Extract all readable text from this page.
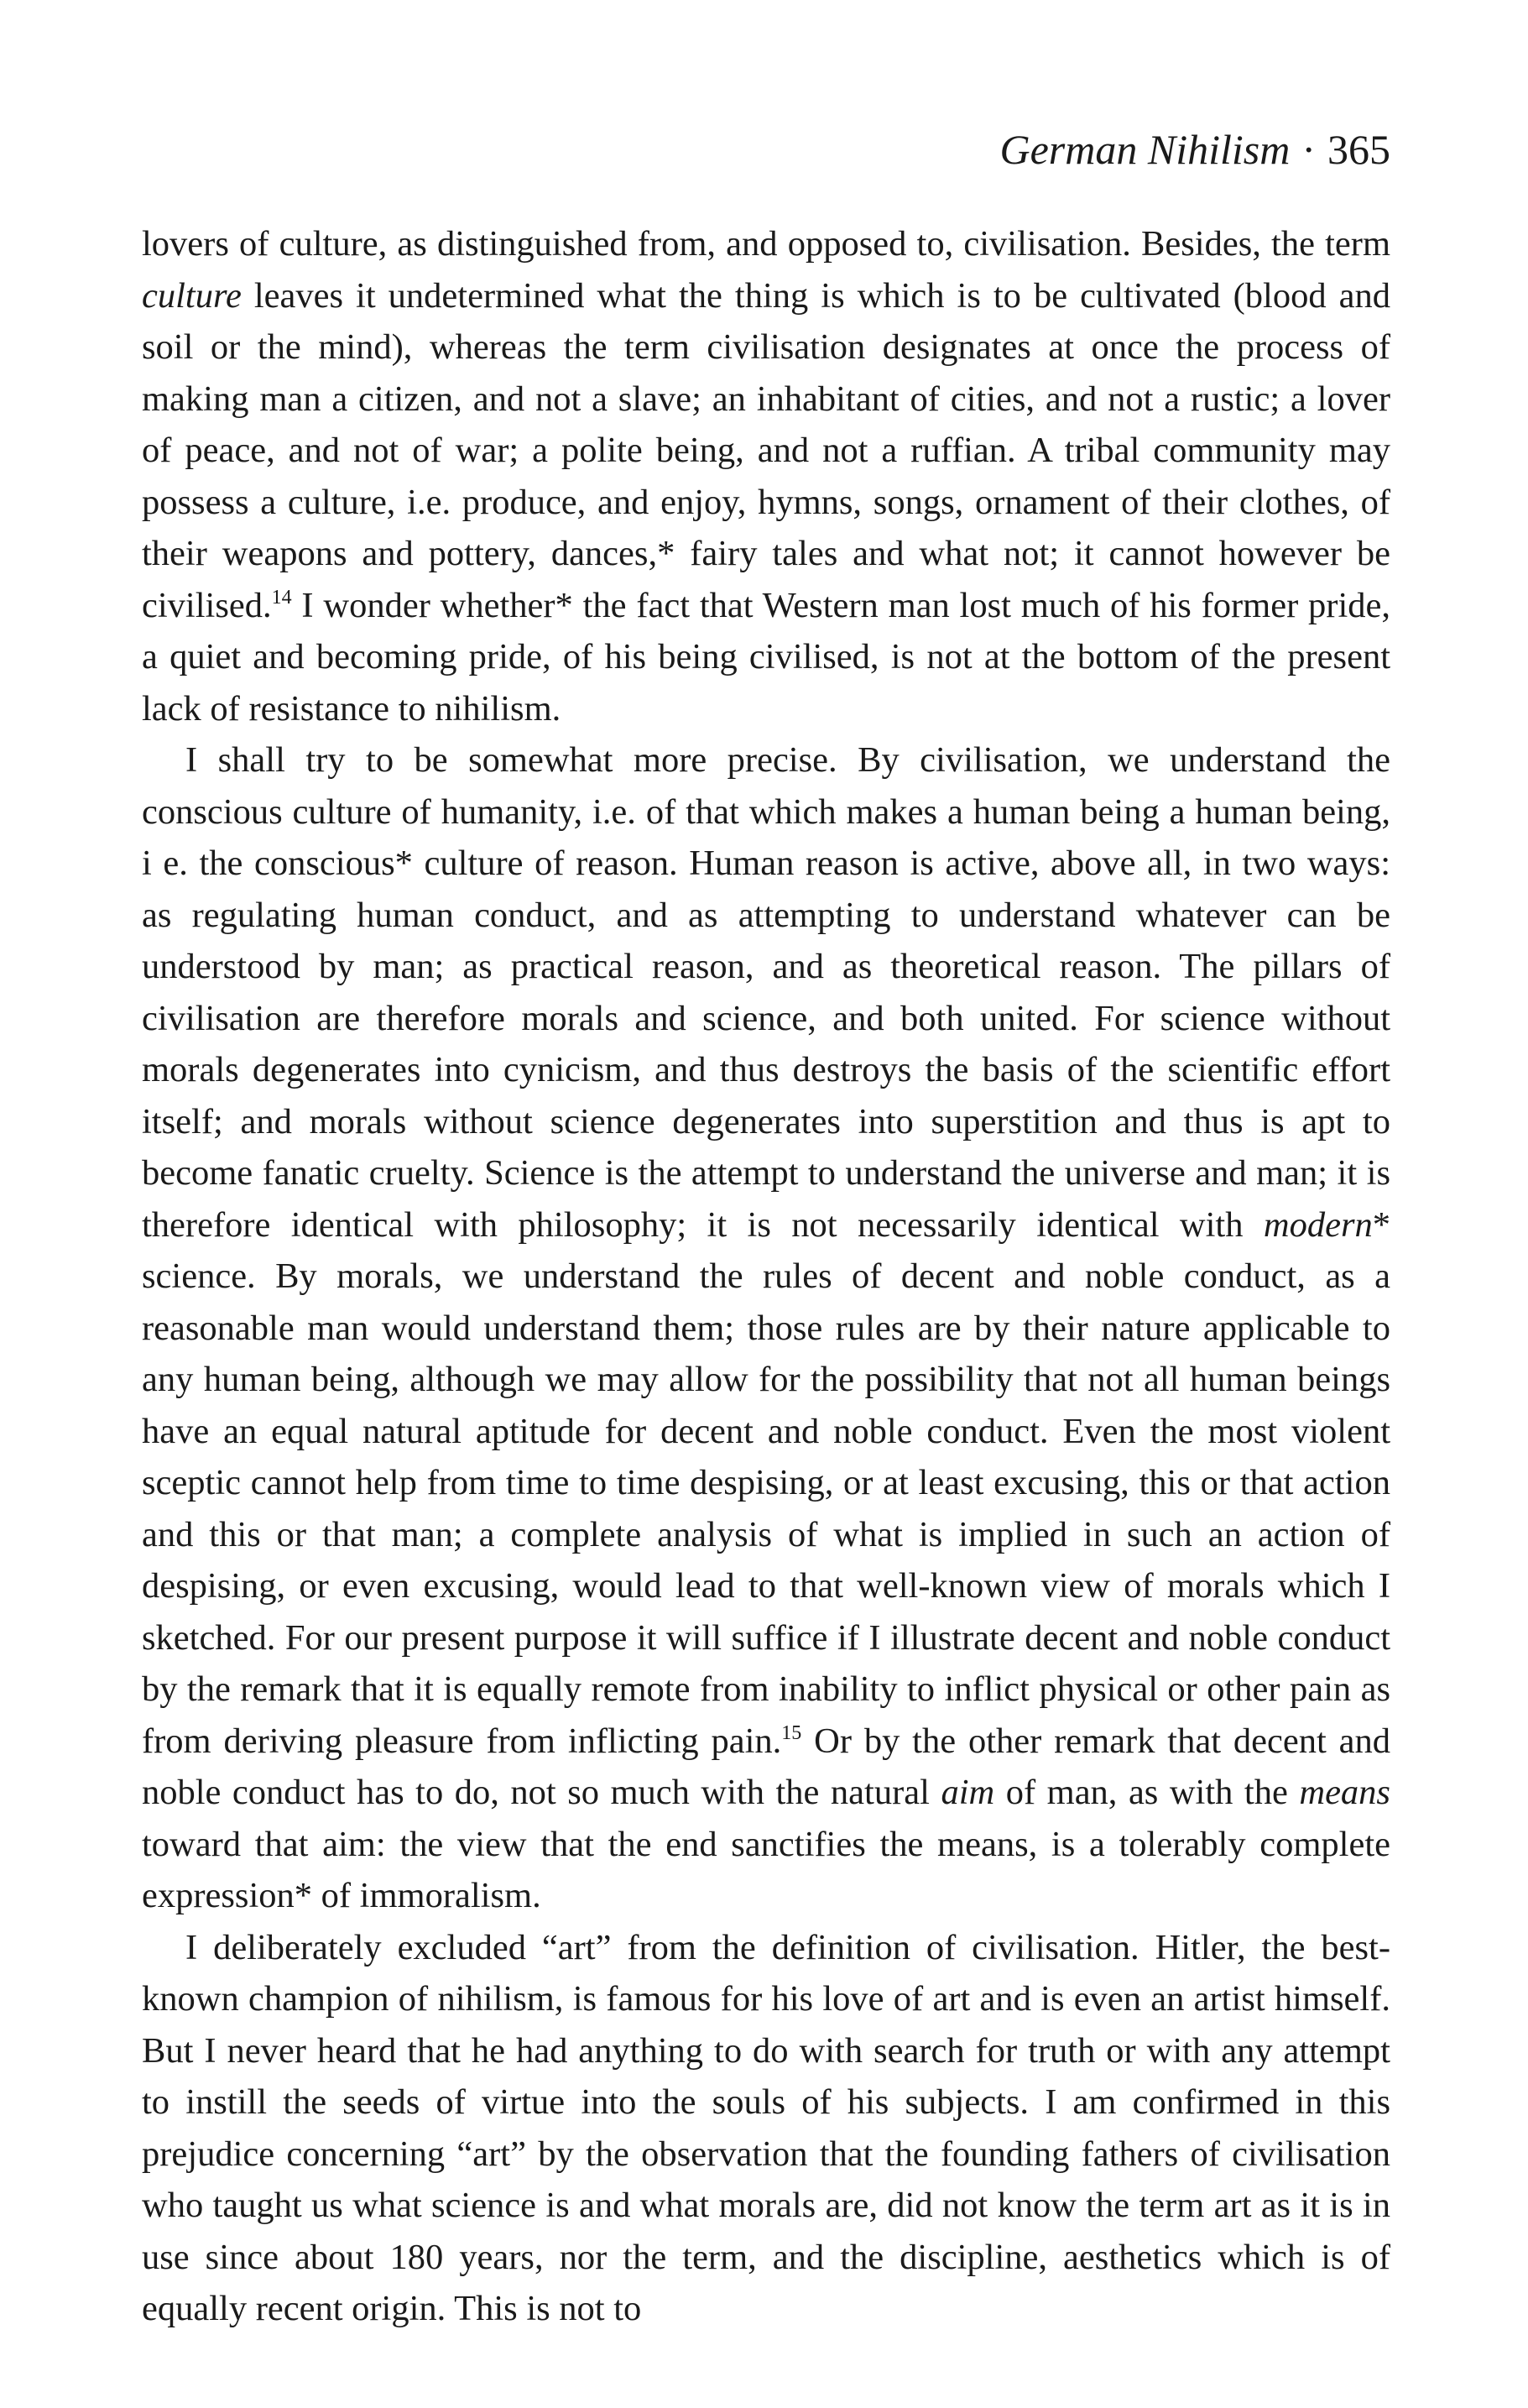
German Nihilism · 365

lovers of culture, as distinguished from, and opposed to, civilisation. Besides, the term culture leaves it undetermined what the thing is which is to be cultivated (blood and soil or the mind), whereas the term civilisation designates at once the process of making man a citizen, and not a slave; an inhabitant of cities, and not a rustic; a lover of peace, and not of war; a polite being, and not a ruffian. A tribal community may possess a culture, i.e. produce, and enjoy, hymns, songs, ornament of their clothes, of their weapons and pottery, dances,* fairy tales and what not; it cannot however be civilised.$^{14}$ I wonder whether* the fact that Western man lost much of his former pride, a quiet and becoming pride, of his being civilised, is not at the bottom of the present lack of resistance to nihilism.

I shall try to be somewhat more precise. By civilisation, we understand the conscious culture of humanity, i.e. of that which makes a human being a human being, i e. the conscious* culture of reason. Human reason is active, above all, in two ways: as regulating human conduct, and as attempting to understand whatever can be understood by man; as practical reason, and as theoretical reason. The pillars of civilisation are therefore morals and science, and both united. For science without morals degenerates into cynicism, and thus destroys the basis of the scientific effort itself; and morals without science degenerates into superstition and thus is apt to become fanatic cruelty. Science is the attempt to understand the universe and man; it is therefore identical with philosophy; it is not necessarily identical with modern* science. By morals, we understand the rules of decent and noble conduct, as a reasonable man would understand them; those rules are by their nature applicable to any human being, although we may allow for the possibility that not all human beings have an equal natural aptitude for decent and noble conduct. Even the most violent sceptic cannot help from time to time despising, or at least excusing, this or that action and this or that man; a complete analysis of what is implied in such an action of despising, or even excusing, would lead to that well-known view of morals which I sketched. For our present purpose it will suffice if I illustrate decent and noble conduct by the remark that it is equally remote from inability to inflict physical or other pain as from deriving pleasure from inflicting pain.$^{15}$ Or by the other remark that decent and noble conduct has to do, not so much with the natural aim of man, as with the means toward that aim: the view that the end sanctifies the means, is a tolerably complete expression* of immoralism.

I deliberately excluded “art” from the definition of civilisation. Hitler, the best-known champion of nihilism, is famous for his love of art and is even an artist himself. But I never heard that he had anything to do with search for truth or with any attempt to instill the seeds of virtue into the souls of his subjects. I am confirmed in this prejudice concerning “art” by the observation that the founding fathers of civilisation who taught us what science is and what morals are, did not know the term art as it is in use since about 180 years, nor the term, and the discipline, aesthetics which is of equally recent origin. This is not to
